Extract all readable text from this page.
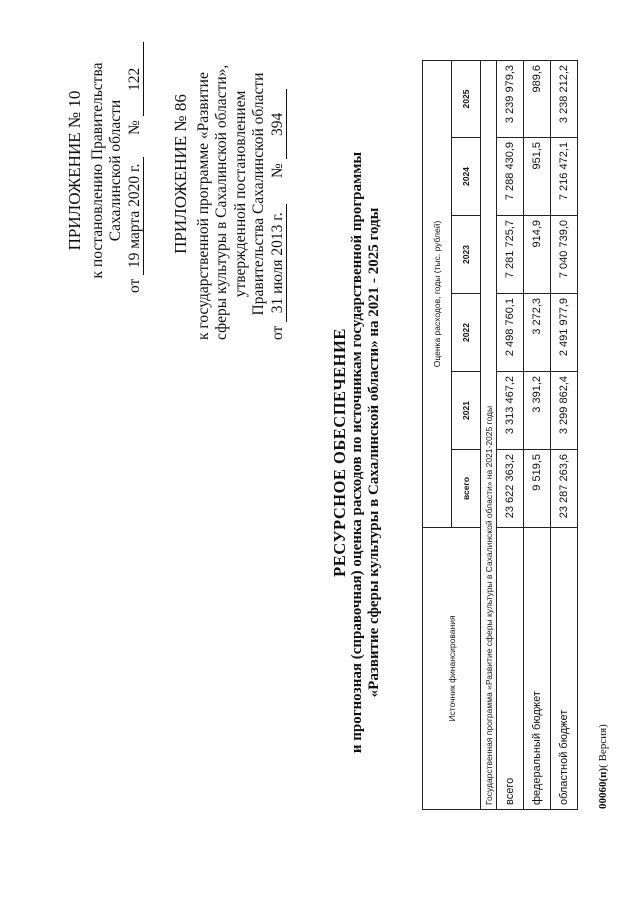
ПРИЛОЖЕНИЕ № 10 к постановлению Правительства Сахалинской области
от 19 марта 2020 г.  № 122
ПРИЛОЖЕНИЕ № 86 к государственной программе «Развитие сферы культуры в Сахалинской области», утвержденной постановлением Правительства Сахалинской области
от 31 июля 2013 г.  № 394
РЕСУРСНОЕ ОБЕСПЕЧЕНИЕ и прогнозная (справочная) оценка расходов по источникам государственной программы «Развитие сферы культуры в Сахалинской области» на 2021 - 2025 годы	Источник финансирования	Оценка расходов, годы (тыс. рублей)					
	всего	2021	2022	2023	2024	2025
Государственная программа «Развитие сферы культуры в Сахалинской области» на 2021-2025 годы						
всего	23 622 363,2	3 313 467,2	2 498 760,1	7 281 725,7	7 288 430,9	3 239 979,3
федеральный бюджет	9 519,5	3 391,2	3 272,3	914,9	951,5	989,6
областной бюджет	23 287 263,6	3 299 862,4	2 491 977,9	7 040 739,0	7 216 472,1	3 238 212,2
00060(п)( Версия)
